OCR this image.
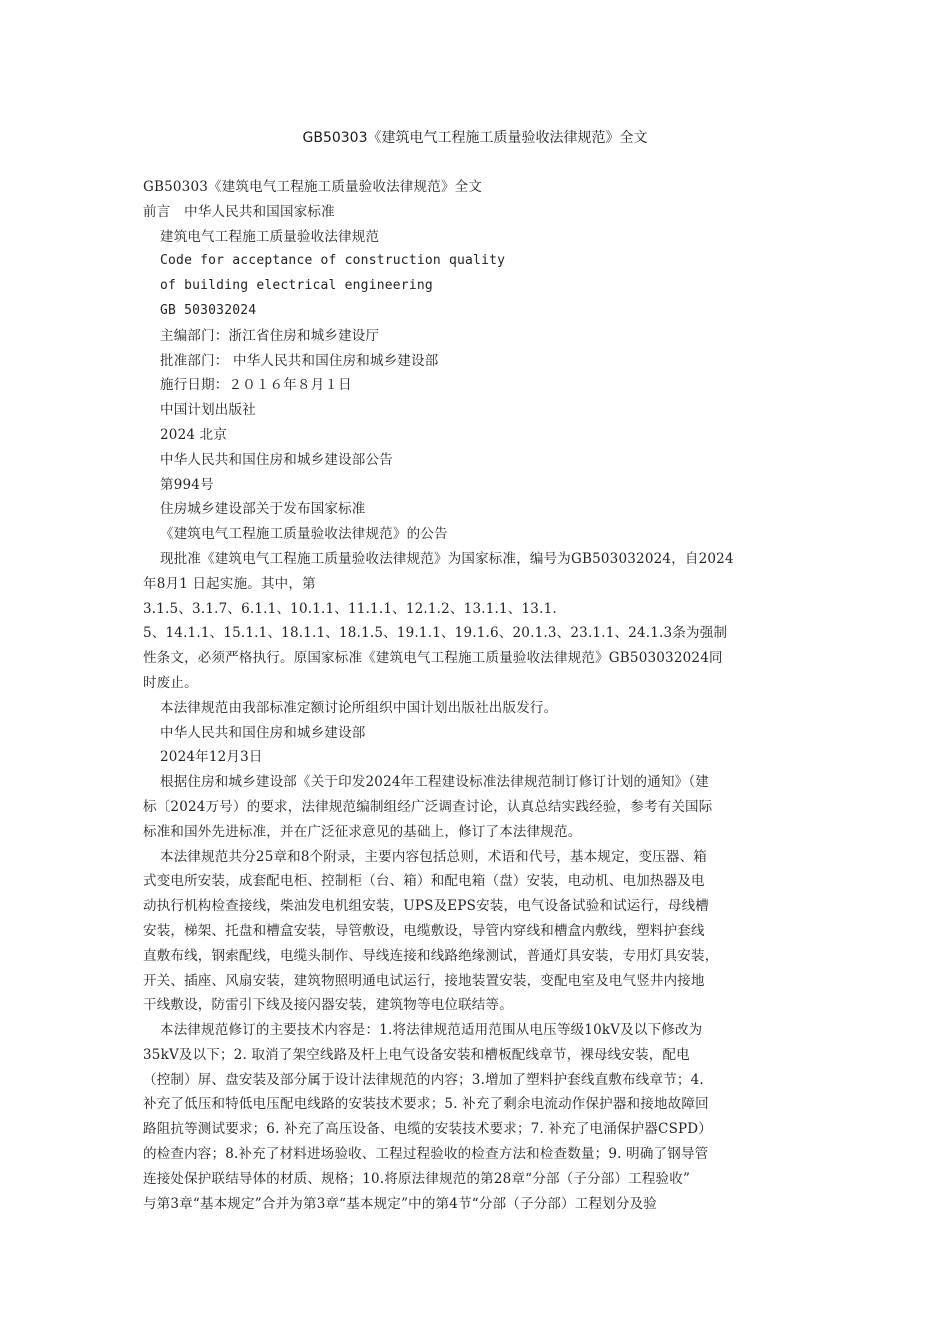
GB50303《建筑电气工程施工质量验收法律规范》全文
GB50303《建筑电气工程施工质量验收法律规范》全文
前言　中华人民共和国国家标准
建筑电气工程施工质量验收法律规范
Code for acceptance of construction quality
of building electrical engineering
GB 503032024
主编部门：浙江省住房和城乡建设厅
批准部门： 中华人民共和国住房和城乡建设部
施行日期：２０１６年８月１日
中国计划出版社
2024 北京
中华人民共和国住房和城乡建设部公告
第994号
住房城乡建设部关于发布国家标准
《建筑电气工程施工质量验收法律规范》的公告
现批准《建筑电气工程施工质量验收法律规范》为国家标准，编号为GB503032024，自2024
年8月1 日起实施。其中，第
3.1.5、3.1.7、6.1.1、10.1.1、11.1.1、12.1.2、13.1.1、13.1.
5、14.1.1、15.1.1、18.1.1、18.1.5、19.1.1、19.1.6、20.1.3、23.1.1、24.1.3条为强制
性条文，必须严格执行。原国家标准《建筑电气工程施工质量验收法律规范》GB503032024同
时废止。
本法律规范由我部标准定额讨论所组织中国计划出版社出版发行。
中华人民共和国住房和城乡建设部
2024年12月3日
根据住房和城乡建设部《关于印发2024年工程建设标准法律规范制订修订计划的通知》（建
标〔2024万号）的要求，法律规范编制组经广泛调查讨论，认真总结实践经验，参考有关国际
标准和国外先进标准，并在广泛征求意见的基础上，修订了本法律规范。
本法律规范共分25章和8个附录，主要内容包括总则，术语和代号，基本规定，变压器、箱
式变电所安装，成套配电柜、控制柜（台、箱）和配电箱（盘）安装，电动机、电加热器及电
动执行机构检查接线，柴油发电机组安装，UPS及EPS安装，电气设备试验和试运行，母线槽
安装，梯架、托盘和槽盒安装，导管敷设，电缆敷设，导管内穿线和槽盒内敷线，塑料护套线
直敷布线，钢索配线，电缆头制作、导线连接和线路绝缘测试，普通灯具安装，专用灯具安装，
开关、插座、风扇安装，建筑物照明通电试运行，接地装置安装，变配电室及电气竖井内接地
干线敷设，防雷引下线及接闪器安装，建筑物等电位联结等。
本法律规范修订的主要技术内容是：1.将法律规范适用范围从电压等级10kV及以下修改为
35kV及以下；2. 取消了架空线路及杆上电气设备安装和槽板配线章节，裸母线安装，配电
（控制）屏、盘安装及部分属于设计法律规范的内容；3.增加了塑料护套线直敷布线章节；4.
补充了低压和特低电压配电线路的安装技术要求；5. 补充了剩余电流动作保护器和接地故障回
路阻抗等测试要求；6. 补充了高压设备、电缆的安装技术要求；7. 补充了电涌保护器CSPD）
的检查内容；8.补充了材料进场验收、工程过程验收的检查方法和检查数量；9. 明确了钢导管
连接处保护联结导体的材质、规格；10.将原法律规范的第28章“分部（子分部）工程验收”
与第3章“基本规定”合并为第3章“基本规定”中的第4节“分部（子分部）工程划分及验
